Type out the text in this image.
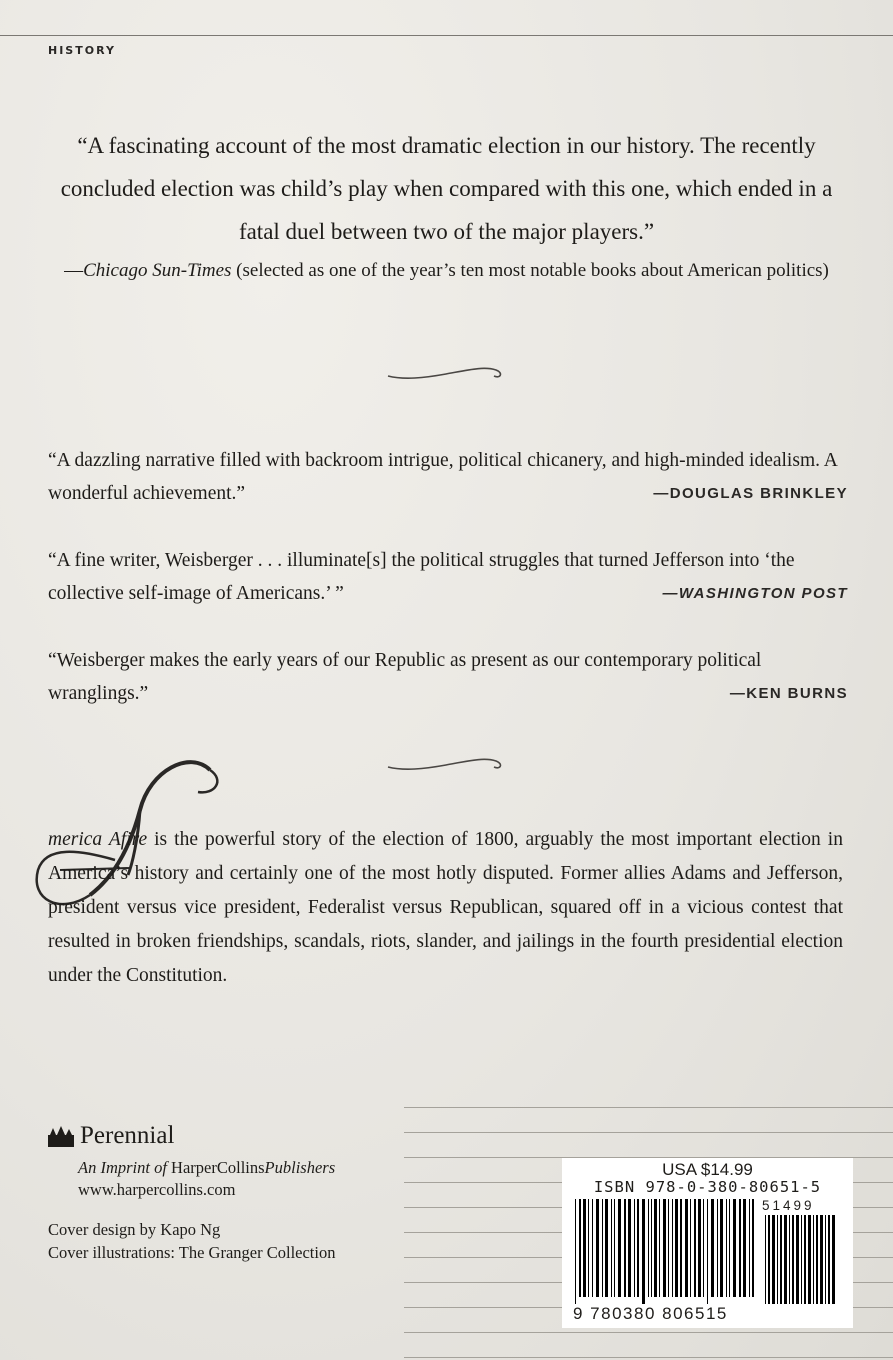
HISTORY
“A fascinating account of the most dramatic election in our history. The recently concluded election was child’s play when compared with this one, which ended in a fatal duel between two of the major players.”
—Chicago Sun-Times (selected as one of the year’s ten most notable books about American politics)

“A dazzling narrative filled with backroom intrigue, political chicanery, and high-minded idealism. A wonderful achievement.”	—DOUGLAS BRINKLEY

“A fine writer, Weisberger . . . illuminate[s] the political struggles that turned Jefferson into ‘the collective self-image of Americans.’ ”	—WASHINGTON POST

“Weisberger makes the early years of our Republic as present as our contemporary political wranglings.”	—KEN BURNS

merica Afire is the powerful story of the election of 1800, arguably the most important election in America’s history and certainly one of the most hotly disputed. Former allies Adams and Jefferson, president versus vice president, Federalist versus Republican, squared off in a vicious contest that resulted in broken friendships, scandals, riots, slander, and jailings in the fourth presidential election under the Constitution.
Perennial
An Imprint of HarperCollinsPublishers
www.harpercollins.com
Cover design by Kapo Ng
Cover illustrations: The Granger Collection
USA $14.99
ISBN 978-0-380-80651-5
51499
9 780380 806515
